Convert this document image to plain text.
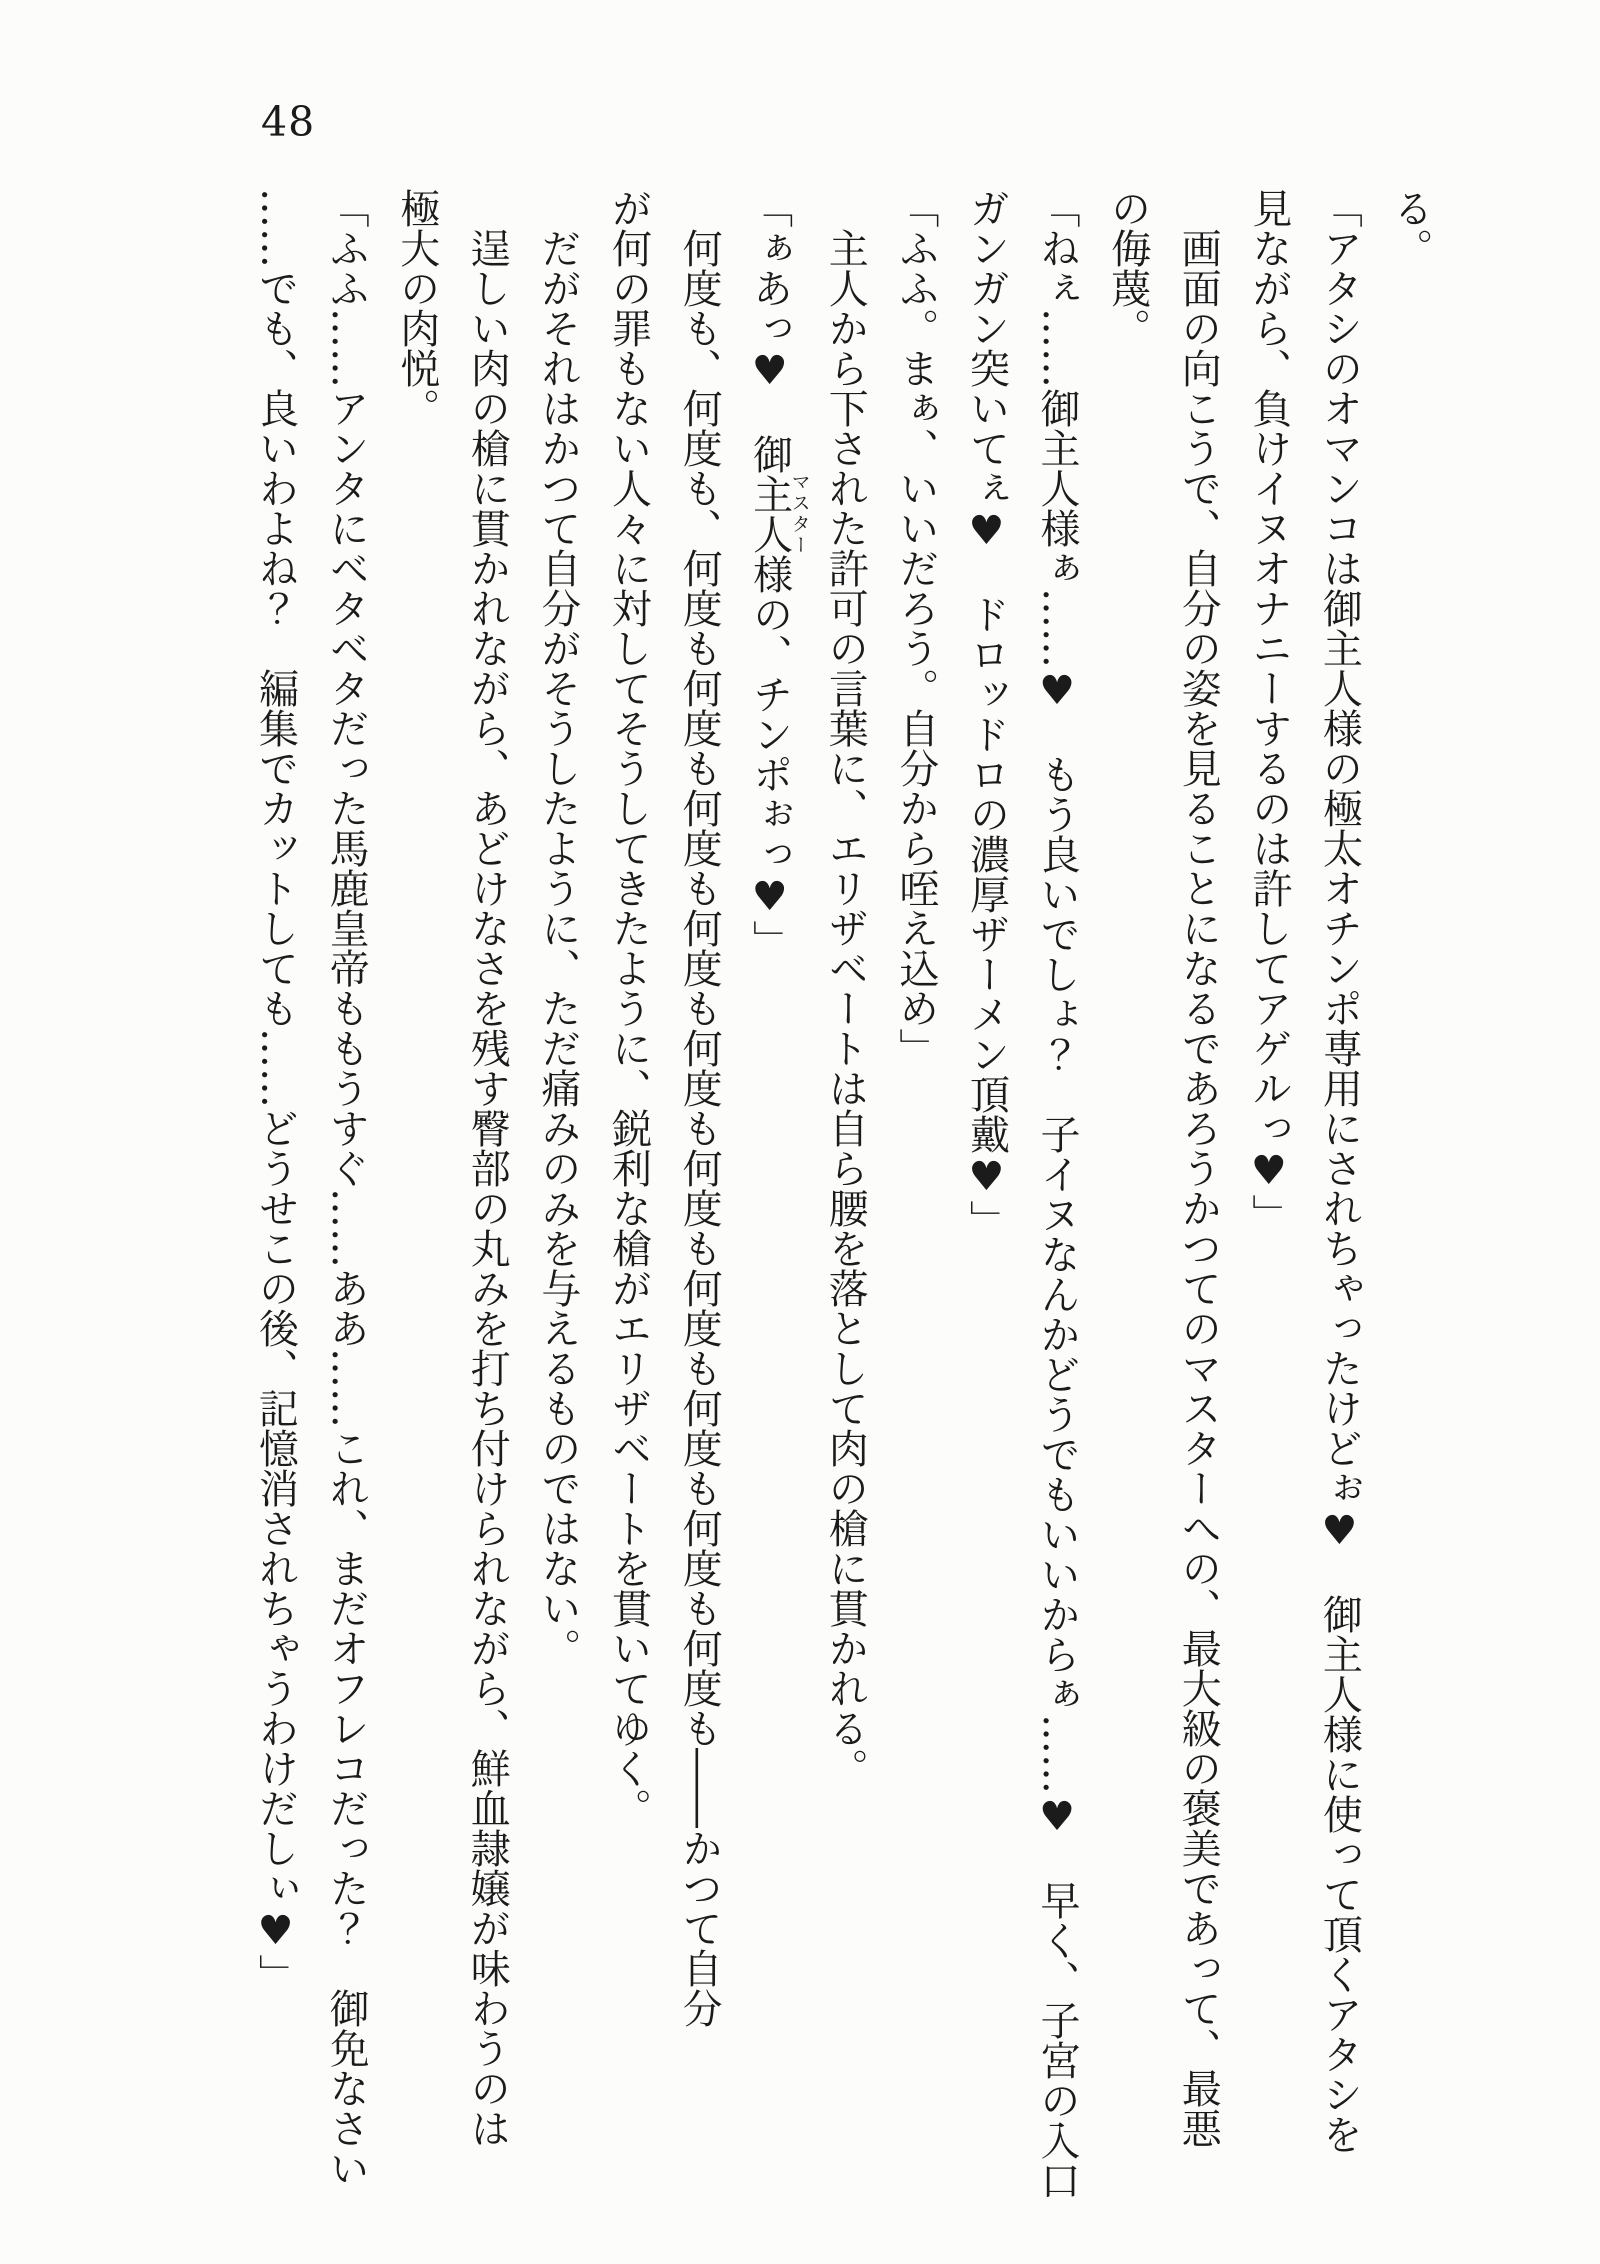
48

る。

「アタシのオマンコは御主人様の極太オチンポ専用にされちゃったけどぉ♥　御主人様に使って頂くアタシを

見ながら、負けイヌオナニーするのは許してアゲルっ♥」

画面の向こうで、自分の姿を見ることになるであろうかつてのマスターへの、最大級の褒美であって、最悪

の侮蔑。

「ねぇ……御主人様ぁ……♥　もう良いでしょ？　子イヌなんかどうでもいいからぁ……♥　早く、子宮の入口

ガンガン突いてぇ♥　ドロッドロの濃厚ザーメン頂戴♥」

「ふふ。まぁ、いいだろう。自分から咥え込め」

主人から下された許可の言葉に、エリザベートは自ら腰を落として肉の槍に貫かれる。

「ぁあっ♥　御主人様マスターの、チンポぉっ♥」

何度も、何度も、何度も何度も何度も何度も何度も何度も何度も何度も何度も何度も――かつて自分

が何の罪もない人々に対してそうしてきたように、鋭利な槍がエリザベートを貫いてゆく。

だがそれはかつて自分がそうしたように、ただ痛みのみを与えるものではない。

逞しい肉の槍に貫かれながら、あどけなさを残す臀部の丸みを打ち付けられながら、鮮血隷嬢が味わうのは

極大の肉悦。

「ふふ……アンタにベタベタだった馬鹿皇帝ももうすぐ……ああ……これ、まだオフレコだった？　御免なさい

……でも、良いわよね？　編集でカットしても……どうせこの後、記憶消されちゃうわけだしぃ♥」
